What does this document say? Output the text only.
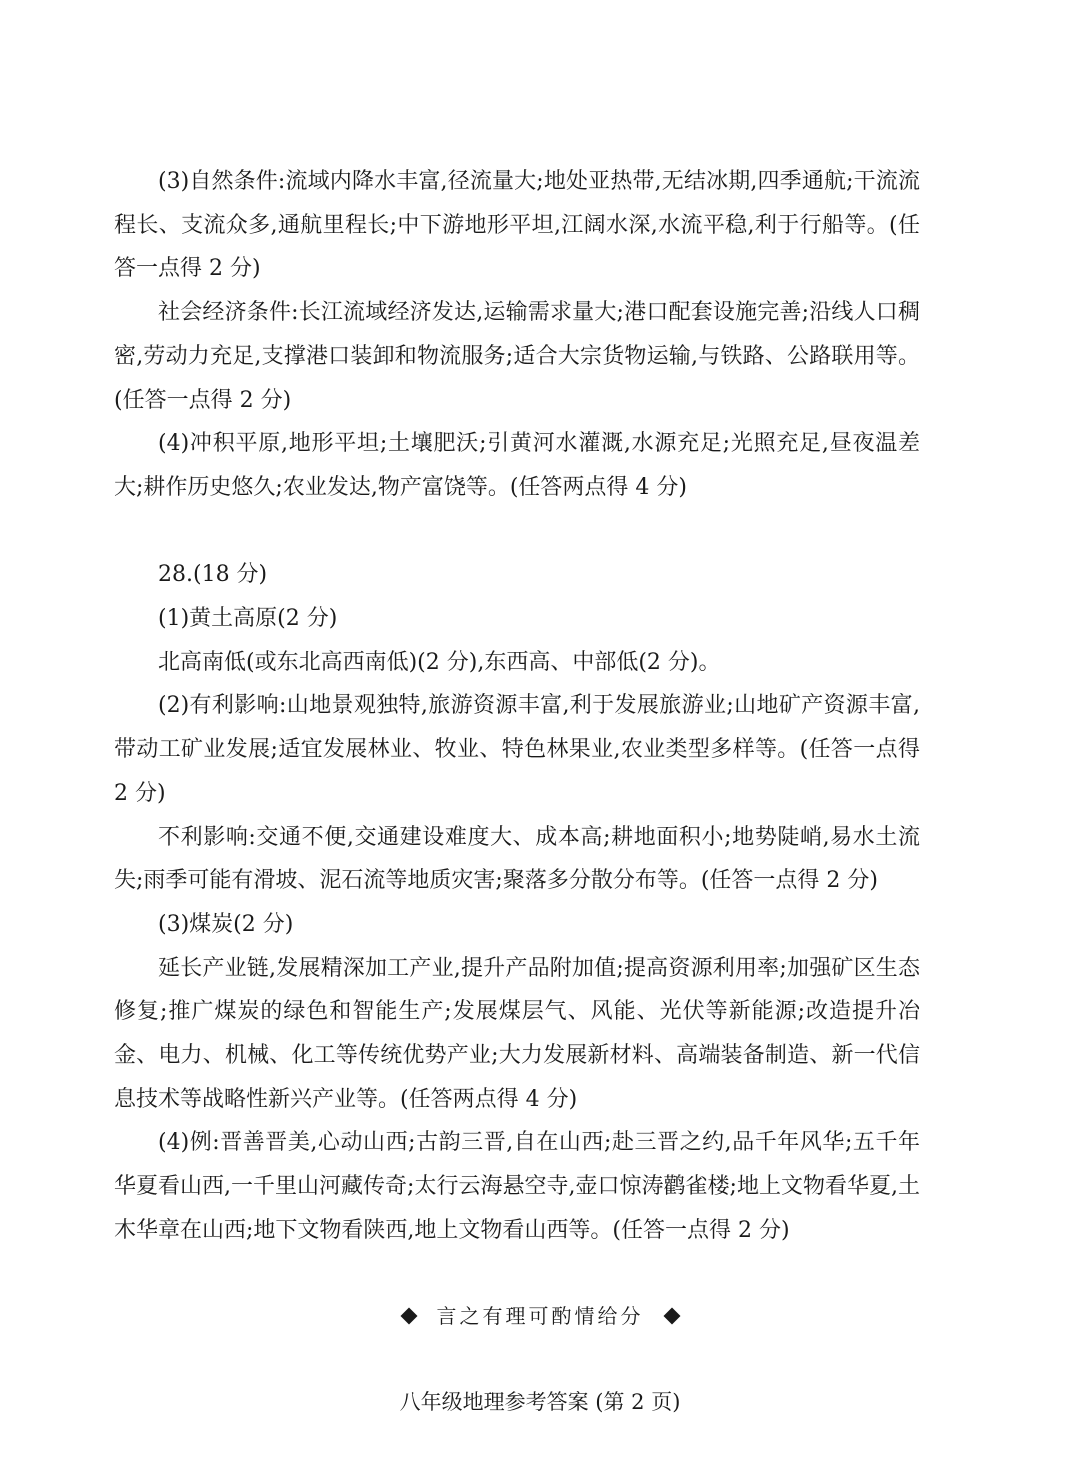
(3)自然条件:流域内降水丰富,径流量大;地处亚热带,无结冰期,四季通航;干流流程长、支流众多,通航里程长;中下游地形平坦,江阔水深,水流平稳,利于行船等。(任答一点得 2 分)

社会经济条件:长江流域经济发达,运输需求量大;港口配套设施完善;沿线人口稠密,劳动力充足,支撑港口装卸和物流服务;适合大宗货物运输,与铁路、公路联用等。(任答一点得 2 分)

(4)冲积平原,地形平坦;土壤肥沃;引黄河水灌溉,水源充足;光照充足,昼夜温差大;耕作历史悠久;农业发达,物产富饶等。(任答两点得 4 分)

28.(18 分)

(1)黄土高原(2 分)

北高南低(或东北高西南低)(2 分),东西高、中部低(2 分)。

(2)有利影响:山地景观独特,旅游资源丰富,利于发展旅游业;山地矿产资源丰富,带动工矿业发展;适宜发展林业、牧业、特色林果业,农业类型多样等。(任答一点得 2 分)

不利影响:交通不便,交通建设难度大、成本高;耕地面积小;地势陡峭,易水土流失;雨季可能有滑坡、泥石流等地质灾害;聚落多分散分布等。(任答一点得 2 分)

(3)煤炭(2 分)

延长产业链,发展精深加工产业,提升产品附加值;提高资源利用率;加强矿区生态修复;推广煤炭的绿色和智能生产;发展煤层气、风能、光伏等新能源;改造提升冶金、电力、机械、化工等传统优势产业;大力发展新材料、高端装备制造、新一代信息技术等战略性新兴产业等。(任答两点得 4 分)

(4)例:晋善晋美,心动山西;古韵三晋,自在山西;赴三晋之约,品千年风华;五千年华夏看山西,一千里山河藏传奇;太行云海悬空寺,壶口惊涛鹳雀楼;地上文物看华夏,土木华章在山西;地下文物看陕西,地上文物看山西等。(任答一点得 2 分)

言之有理可酌情给分
八年级地理参考答案 (第 2 页)
